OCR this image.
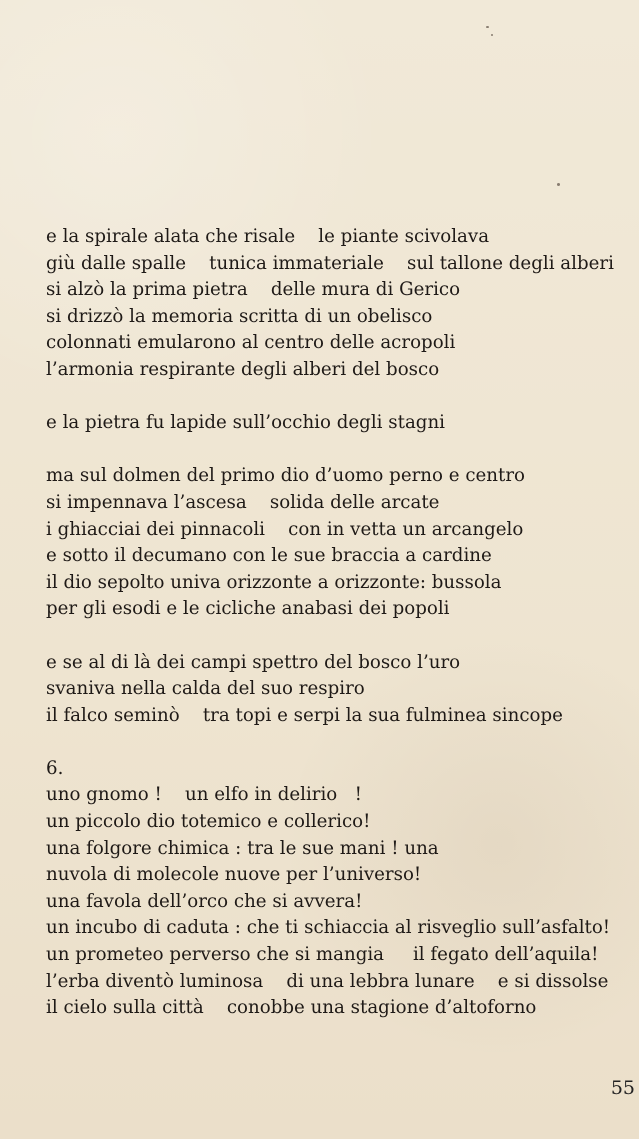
e la spirale alata che risale    le piante scivolava
giù dalle spalle    tunica immateriale    sul tallone degli alberi
si alzò la prima pietra    delle mura di Gerico
si drizzò la memoria scritta di un obelisco
colonnati emularono al centro delle acropoli
l’armonia respirante degli alberi del bosco
e la pietra fu lapide sull’occhio degli stagni
ma sul dolmen del primo dio d’uomo perno e centro
si impennava l’ascesa    solida delle arcate
i ghiacciai dei pinnacoli    con in vetta un arcangelo
e sotto il decumano con le sue braccia a cardine
il dio sepolto univa orizzonte a orizzonte: bussola
per gli esodi e le cicliche anabasi dei popoli
e se al di là dei campi spettro del bosco l’uro
svaniva nella calda del suo respiro
il falco seminò    tra topi e serpi la sua fulminea sincope
6.
uno gnomo !    un elfo in delirio   !
un piccolo dio totemico e collerico!
una folgore chimica : tra le sue mani ! una
nuvola di molecole nuove per l’universo!
una favola dell’orco che si avvera!
un incubo di caduta : che ti schiaccia al risveglio sull’asfalto!
un prometeo perverso che si mangia     il fegato dell’aquila!
l’erba diventò luminosa    di una lebbra lunare    e si dissolse
il cielo sulla città    conobbe una stagione d’altoforno
55
